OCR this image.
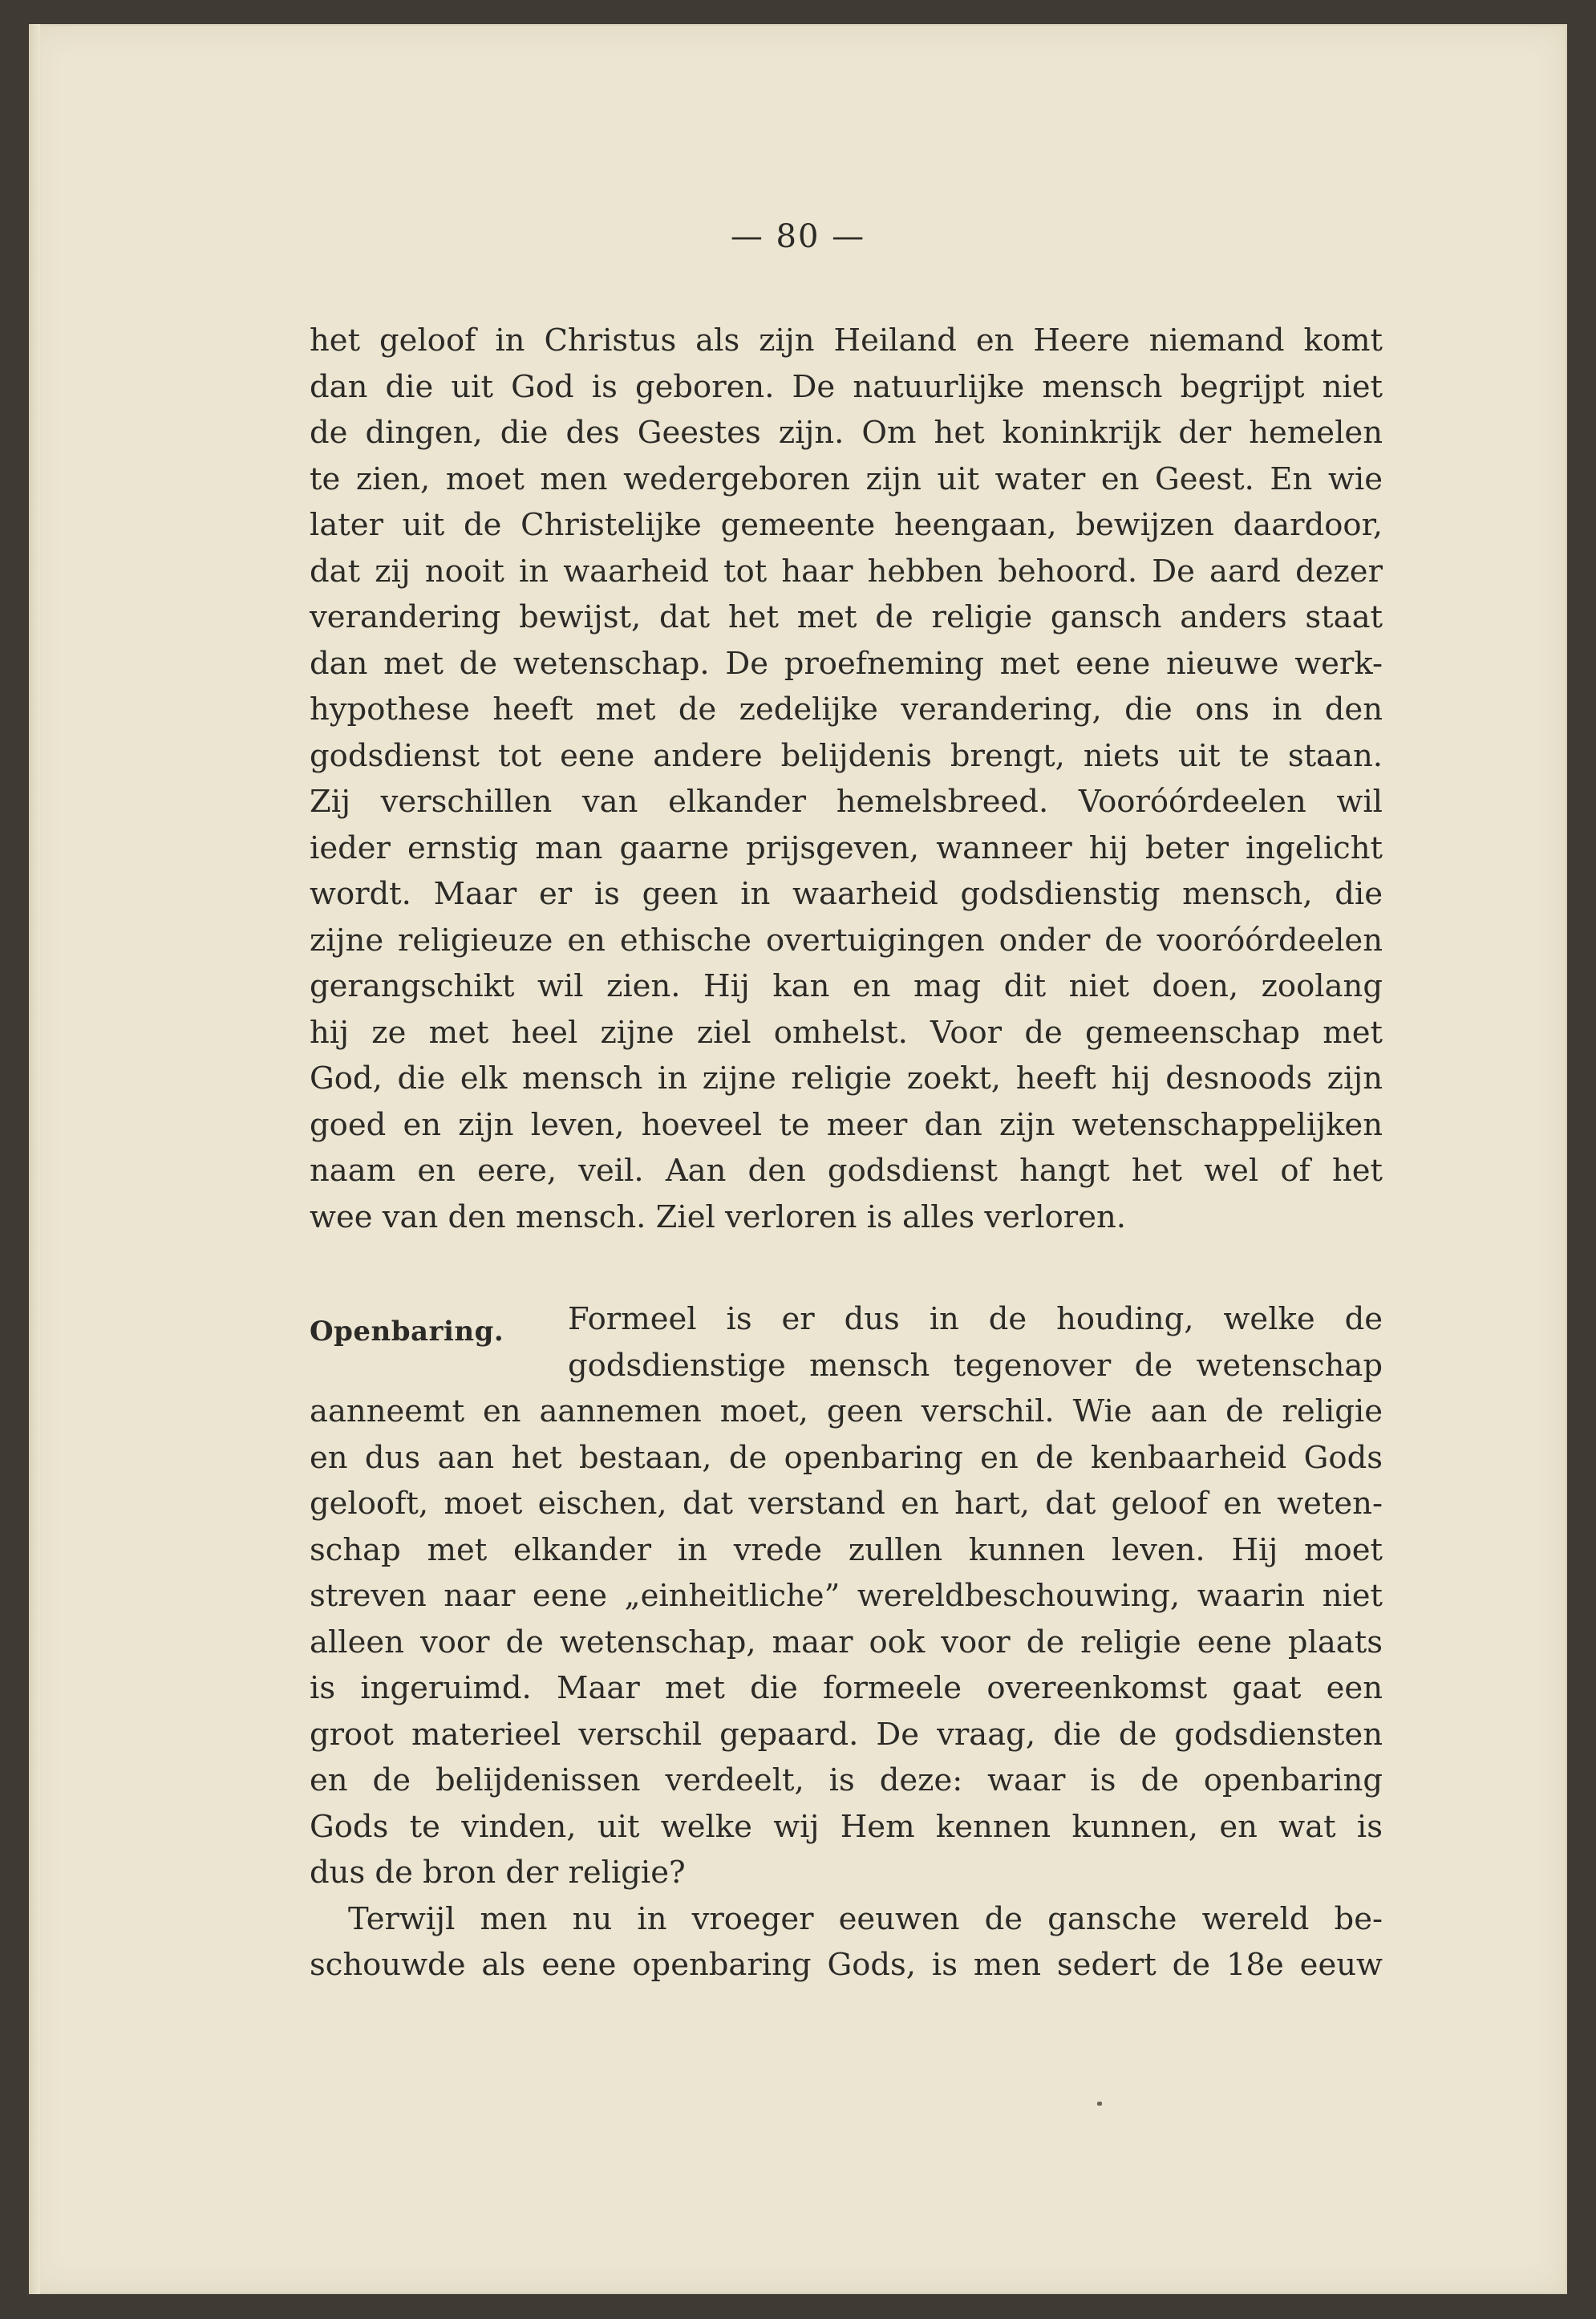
— 80 —
het geloof in Christus als zijn Heiland en Heere niemand komt
dan die uit God is geboren. De natuurlijke mensch begrijpt niet
de dingen, die des Geestes zijn. Om het koninkrijk der hemelen
te zien, moet men wedergeboren zijn uit water en Geest. En wie
later uit de Christelijke gemeente heengaan, bewijzen daardoor,
dat zij nooit in waarheid tot haar hebben behoord. De aard dezer
verandering bewijst, dat het met de religie gansch anders staat
dan met de wetenschap. De proefneming met eene nieuwe werk-
hypothese heeft met de zedelijke verandering, die ons in den
godsdienst tot eene andere belijdenis brengt, niets uit te staan.
Zij verschillen van elkander hemelsbreed. Vooróórdeelen wil
ieder ernstig man gaarne prijsgeven, wanneer hij beter ingelicht
wordt. Maar er is geen in waarheid godsdienstig mensch, die
zijne religieuze en ethische overtuigingen onder de vooróórdeelen
gerangschikt wil zien. Hij kan en mag dit niet doen, zoolang
hij ze met heel zijne ziel omhelst. Voor de gemeenschap met
God, die elk mensch in zijne religie zoekt, heeft hij desnoods zijn
goed en zijn leven, hoeveel te meer dan zijn wetenschappelijken
naam en eere, veil. Aan den godsdienst hangt het wel of het
wee van den mensch. Ziel verloren is alles verloren.
Openbaring. Formeel is er dus in de houding, welke de
godsdienstige mensch tegenover de wetenschap
aanneemt en aannemen moet, geen verschil. Wie aan de religie
en dus aan het bestaan, de openbaring en de kenbaarheid Gods
gelooft, moet eischen, dat verstand en hart, dat geloof en weten-
schap met elkander in vrede zullen kunnen leven. Hij moet
streven naar eene „einheitliche” wereldbeschouwing, waarin niet
alleen voor de wetenschap, maar ook voor de religie eene plaats
is ingeruimd. Maar met die formeele overeenkomst gaat een
groot materieel verschil gepaard. De vraag, die de godsdiensten
en de belijdenissen verdeelt, is deze: waar is de openbaring
Gods te vinden, uit welke wij Hem kennen kunnen, en wat is
dus de bron der religie?
Terwijl men nu in vroeger eeuwen de gansche wereld be-
schouwde als eene openbaring Gods, is men sedert de 18e eeuw
